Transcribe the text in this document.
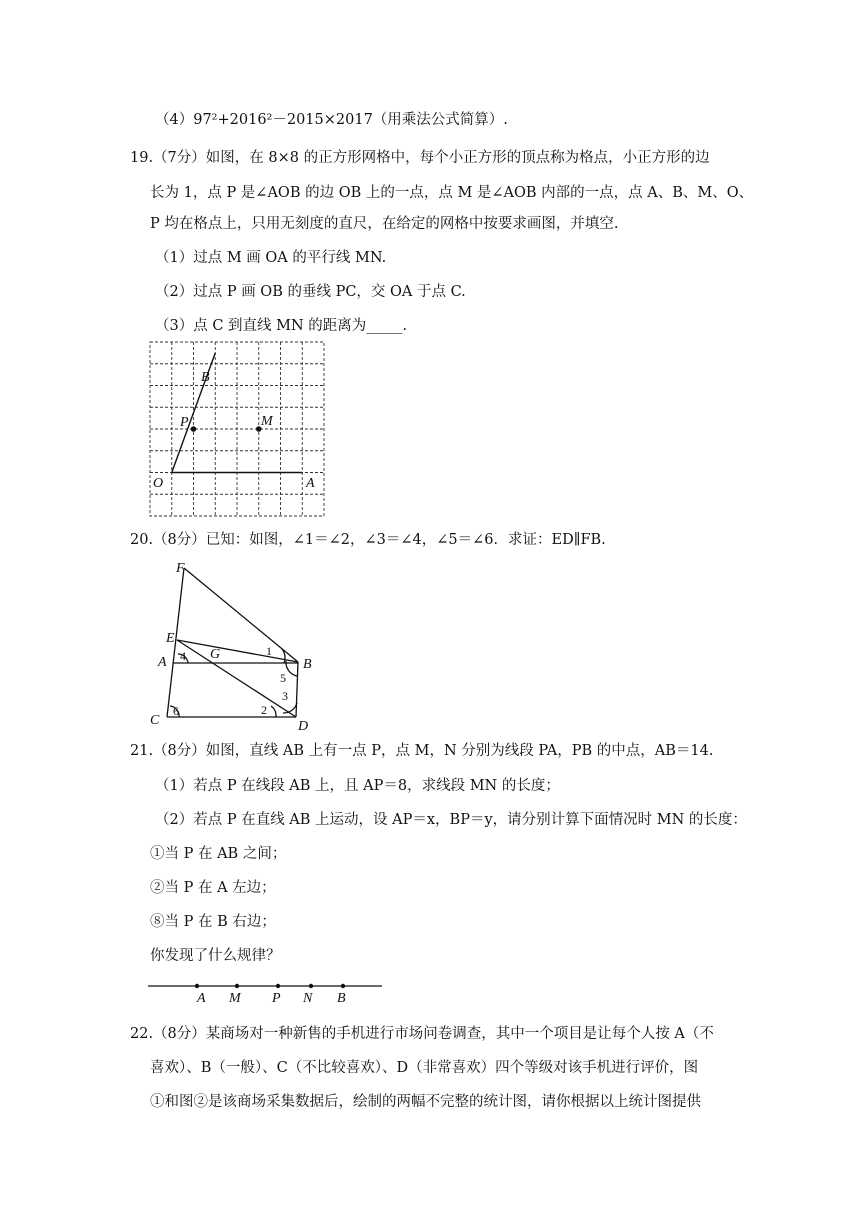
（4）97²+2016²－2015×2017（用乘法公式简算）.
19.（7分）如图，在 8×8 的正方形网格中，每个小正方形的顶点称为格点，小正方形的边
长为 1，点 P 是∠AOB 的边 OB 上的一点，点 M 是∠AOB 内部的一点，点 A、B、M、O、
P 均在格点上，只用无刻度的直尺，在给定的网格中按要求画图，并填空.
（1）过点 M 画 OA 的平行线 MN.
（2）过点 P 画 OB 的垂线 PC，交 OA 于点 C.
（3）点 C 到直线 MN 的距离为_____.
B
P	M
O	A
20.（8分）已知：如图，∠1＝∠2，∠3＝∠4，∠5＝∠6．求证：ED∥FB.
F
E
A
G
B
C	D
1
2
3
4
5
6
21.（8分）如图，直线 AB 上有一点 P，点 M，N 分别为线段 PA，PB 的中点，AB＝14.
（1）若点 P 在线段 AB 上，且 AP＝8，求线段 MN 的长度；
（2）若点 P 在直线 AB 上运动，设 AP＝x，BP＝y，请分别计算下面情况时 MN 的长度：
①当 P 在 AB 之间；
②当 P 在 A 左边；
⑧当 P 在 B 右边；
你发现了什么规律？
A M P N B
22.（8分）某商场对一种新售的手机进行市场问卷调查，其中一个项目是让每个人按 A（不
喜欢）、B（一般）、C（不比较喜欢）、D（非常喜欢）四个等级对该手机进行评价，图
①和图②是该商场采集数据后，绘制的两幅不完整的统计图，请你根据以上统计图提供
